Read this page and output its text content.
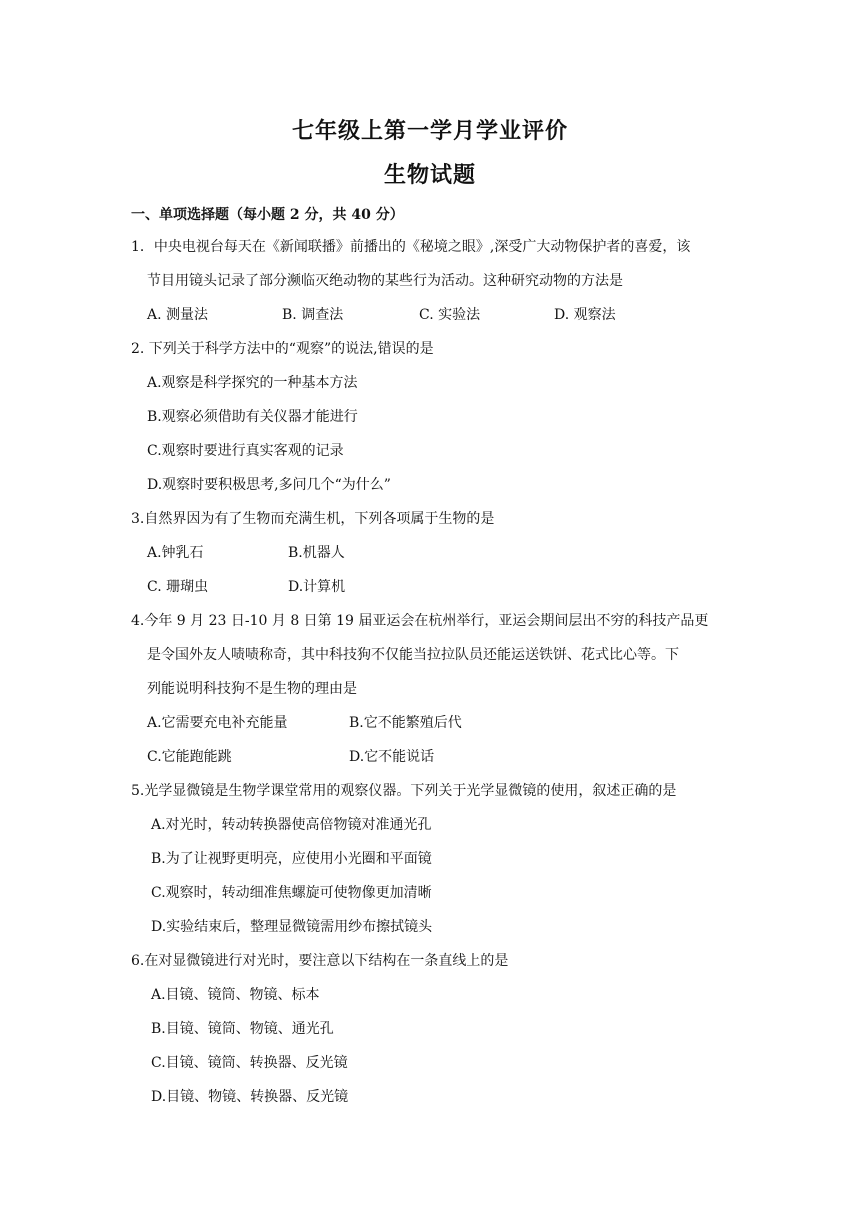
七年级上第一学月学业评价
生物试题
一、单项选择题（每小题 2 分，共 40 分）
1．中央电视台每天在《新闻联播》前播出的《秘境之眼》,深受广大动物保护者的喜爱，该
节目用镜头记录了部分濒临灭绝动物的某些行为活动。这种研究动物的方法是
A. 测量法	B. 调查法	C. 实验法	D. 观察法
2. 下列关于科学方法中的“观察”的说法,错误的是
A.观察是科学探究的一种基本方法
B.观察必须借助有关仪器才能进行
C.观察时要进行真实客观的记录
D.观察时要积极思考,多问几个“为什么”
3.自然界因为有了生物而充满生机，下列各项属于生物的是
A.钟乳石	B.机器人
C. 珊瑚虫	D.计算机
4.今年 9 月 23 日-10 月 8 日第 19 届亚运会在杭州举行，亚运会期间层出不穷的科技产品更
是令国外友人啧啧称奇，其中科技狗不仅能当拉拉队员还能运送铁饼、花式比心等。下
列能说明科技狗不是生物的理由是
A.它需要充电补充能量	B.它不能繁殖后代
C.它能跑能跳	D.它不能说话
5.光学显微镜是生物学课堂常用的观察仪器。下列关于光学显微镜的使用，叙述正确的是
A.对光时，转动转换器使高倍物镜对准通光孔
B.为了让视野更明亮，应使用小光圈和平面镜
C.观察时，转动细准焦螺旋可使物像更加清晰
D.实验结束后，整理显微镜需用纱布擦拭镜头
6.在对显微镜进行对光时，要注意以下结构在一条直线上的是
A.目镜、镜筒、物镜、标本
B.目镜、镜筒、物镜、通光孔
C.目镜、镜筒、转换器、反光镜
D.目镜、物镜、转换器、反光镜
